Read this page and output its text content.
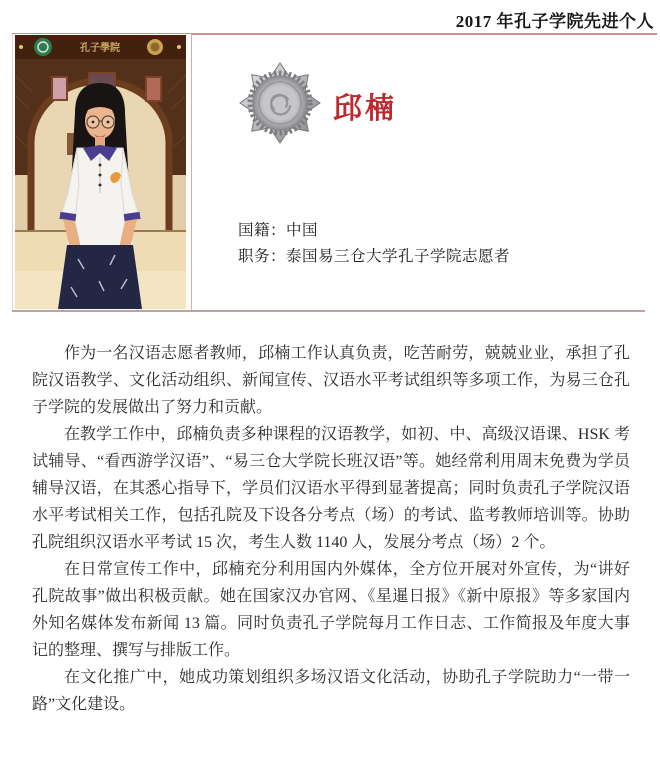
2017 年孔子学院先进个人
孔子學院
邱楠
国籍：中国
职务：泰国易三仓大学孔子学院志愿者

作为一名汉语志愿者教师，邱楠工作认真负责，吃苦耐劳，兢兢业业，承担了孔院汉语教学、文化活动组织、新闻宣传、汉语水平考试组织等多项工作，为易三仓孔子学院的发展做出了努力和贡献。

在教学工作中，邱楠负责多种课程的汉语教学，如初、中、高级汉语课、HSK 考试辅导、“看西游学汉语”、“易三仓大学院长班汉语”等。她经常利用周末免费为学员辅导汉语，在其悉心指导下，学员们汉语水平得到显著提高；同时负责孔子学院汉语水平考试相关工作，包括孔院及下设各分考点（场）的考试、监考教师培训等。协助孔院组织汉语水平考试 15 次，考生人数 1140 人，发展分考点（场）2 个。

在日常宣传工作中，邱楠充分利用国内外媒体，全方位开展对外宣传，为“讲好孔院故事”做出积极贡献。她在国家汉办官网、《星暹日报》《新中原报》等多家国内外知名媒体发布新闻 13 篇。同时负责孔子学院每月工作日志、工作简报及年度大事记的整理、撰写与排版工作。

在文化推广中，她成功策划组织多场汉语文化活动，协助孔子学院助力“一带一路”文化建设。
